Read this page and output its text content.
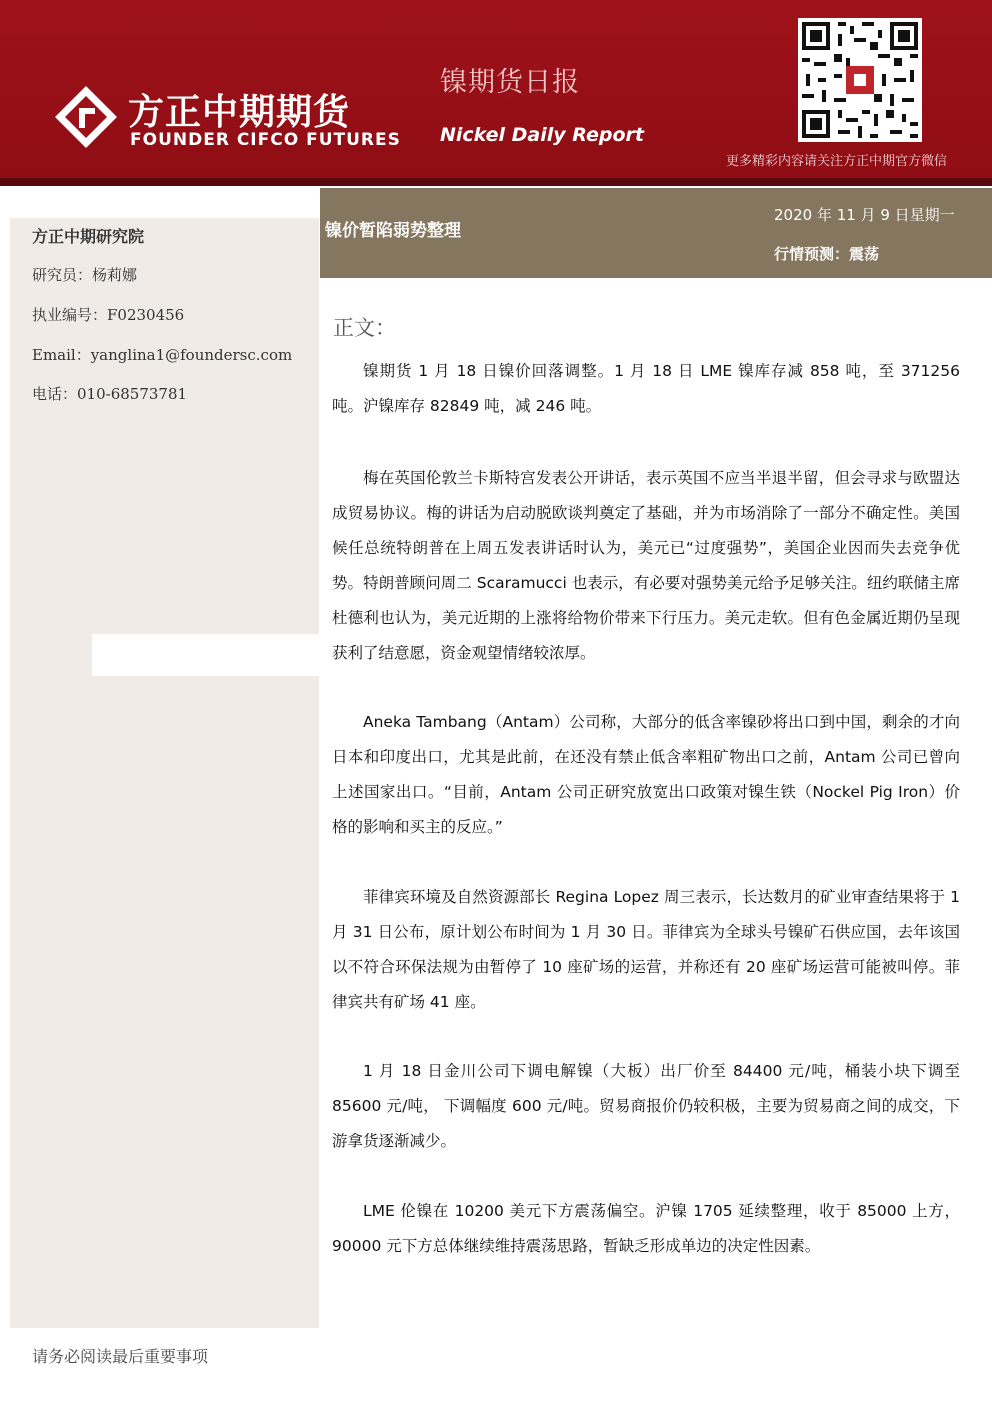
方正中期期货
FOUNDER CIFCO FUTURES
镍期货日报
Nickel Daily Report
更多精彩内容请关注方正中期官方微信
方正中期研究院
研究员：杨莉娜
执业编号：F0230456
Email：yanglina1@foundersc.com
电话：010-68573781
镍价暂陷弱势整理
2020 年 11 月 9 日星期一
行情预测：震荡
正文：

镍期货 1 月 18 日镍价回落调整。1 月 18 日 LME 镍库存减 858 吨，至 371256 吨。沪镍库存 82849 吨，减 246 吨。

梅在英国伦敦兰卡斯特宫发表公开讲话，表示英国不应当半退半留，但会寻求与欧盟达成贸易协议。梅的讲话为启动脱欧谈判奠定了基础，并为市场消除了一部分不确定性。美国候任总统特朗普在上周五发表讲话时认为，美元已“过度强势”，美国企业因而失去竞争优势。特朗普顾问周二 Scaramucci 也表示，有必要对强势美元给予足够关注。纽约联储主席杜德利也认为，美元近期的上涨将给物价带来下行压力。美元走软。但有色金属近期仍呈现获利了结意愿，资金观望情绪较浓厚。

Aneka Tambang（Antam）公司称，大部分的低含率镍砂将出口到中国，剩余的才向日本和印度出口，尤其是此前，在还没有禁止低含率粗矿物出口之前，Antam 公司已曾向上述国家出口。“目前，Antam 公司正研究放宽出口政策对镍生铁（Nockel Pig Iron）价格的影响和买主的反应。”

菲律宾环境及自然资源部长 Regina Lopez 周三表示，长达数月的矿业审查结果将于 1 月 31 日公布，原计划公布时间为 1 月 30 日。菲律宾为全球头号镍矿石供应国，去年该国以不符合环保法规为由暂停了 10 座矿场的运营，并称还有 20 座矿场运营可能被叫停。菲律宾共有矿场 41 座。

1 月 18 日金川公司下调电解镍（大板）出厂价至 84400 元/吨，桶装小块下调至 85600 元/吨， 下调幅度 600 元/吨。贸易商报价仍较积极，主要为贸易商之间的成交，下游拿货逐渐减少。

LME 伦镍在 10200 美元下方震荡偏空。沪镍 1705 延续整理，收于 85000 上方，90000 元下方总体继续维持震荡思路，暂缺乏形成单边的决定性因素。

请务必阅读最后重要事项
